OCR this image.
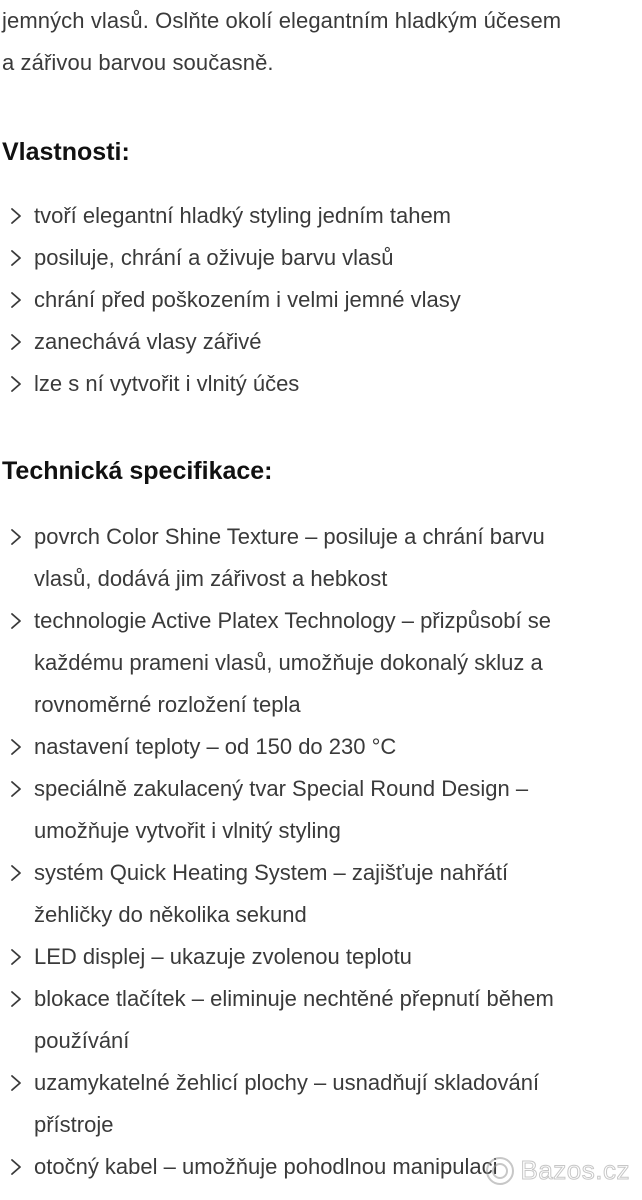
jemných vlasů. Oslňte okolí elegantním hladkým účesem
a zářivou barvou současně.

Vlastnosti:
tvoří elegantní hladký styling jedním tahem
posiluje, chrání a oživuje barvu vlasů
chrání před poškozením i velmi jemné vlasy
zanechává vlasy zářivé
lze s ní vytvořit i vlnitý účes
Technická specifikace:
povrch Color Shine Texture – posiluje a chrání barvu
vlasů, dodává jim zářivost a hebkost
technologie Active Platex Technology – přizpůsobí se
každému prameni vlasů, umožňuje dokonalý skluz a
rovnoměrné rozložení tepla
nastavení teploty – od 150 do 230 °C
speciálně zakulacený tvar Special Round Design –
umožňuje vytvořit i vlnitý styling
systém Quick Heating System – zajišťuje nahřátí
žehličky do několika sekund
LED displej – ukazuje zvolenou teplotu
blokace tlačítek – eliminuje nechtěné přepnutí během
používání
uzamykatelné žehlicí plochy – usnadňují skladování
přístroje
otočný kabel – umožňuje pohodlnou manipulaci Bazos.cz
